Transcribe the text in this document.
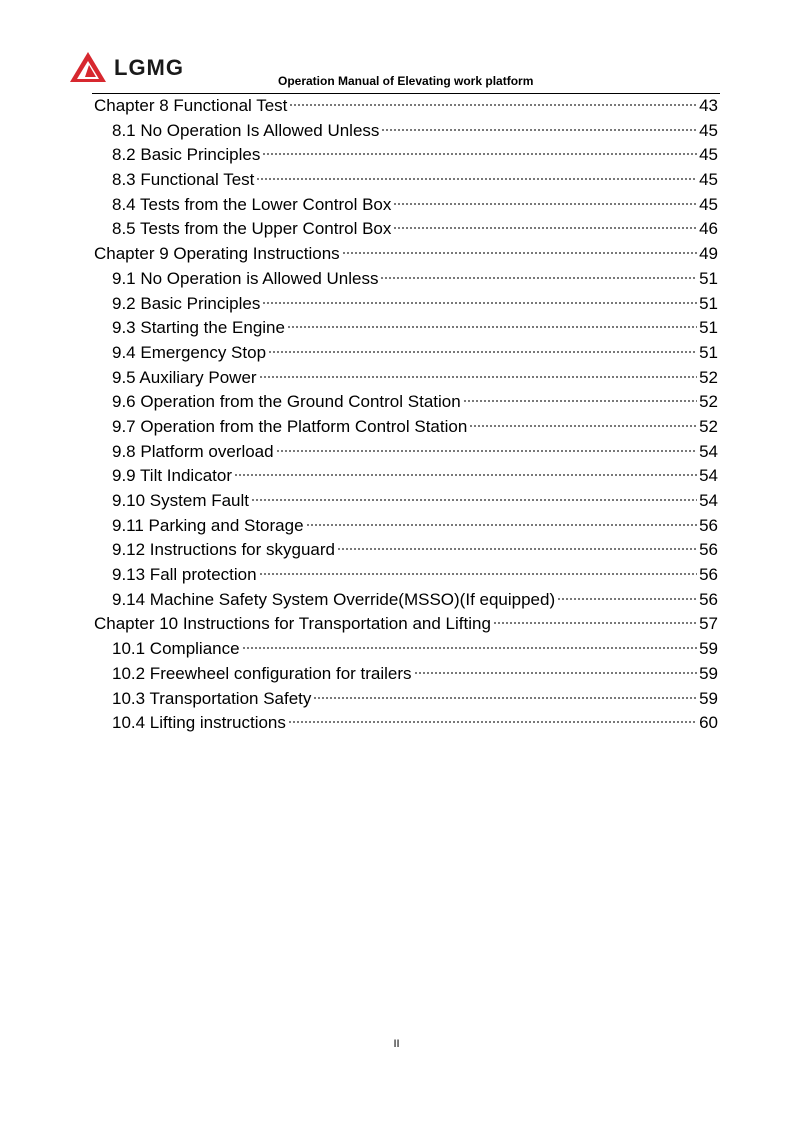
LGMG
Operation Manual of Elevating work platform
Chapter 8 Functional Test	43
8.1 No Operation Is Allowed Unless	45
8.2 Basic Principles	45
8.3 Functional Test	45
8.4 Tests from the Lower Control Box	45
8.5 Tests from the Upper Control Box	46
Chapter 9 Operating Instructions	49
9.1 No Operation is Allowed Unless	51
9.2 Basic Principles	51
9.3 Starting the Engine	51
9.4 Emergency Stop	51
9.5 Auxiliary Power	52
9.6 Operation from the Ground Control Station	52
9.7 Operation from the Platform Control Station	52
9.8 Platform overload	54
9.9 Tilt Indicator	54
9.10 System Fault	54
9.11 Parking and Storage	56
9.12 Instructions for skyguard	56
9.13 Fall protection	56
9.14 Machine Safety System Override(MSSO)(If equipped)	56
Chapter 10 Instructions for Transportation and Lifting	57
10.1 Compliance	59
10.2 Freewheel configuration for trailers	59
10.3 Transportation Safety	59
10.4 Lifting instructions	60
II
